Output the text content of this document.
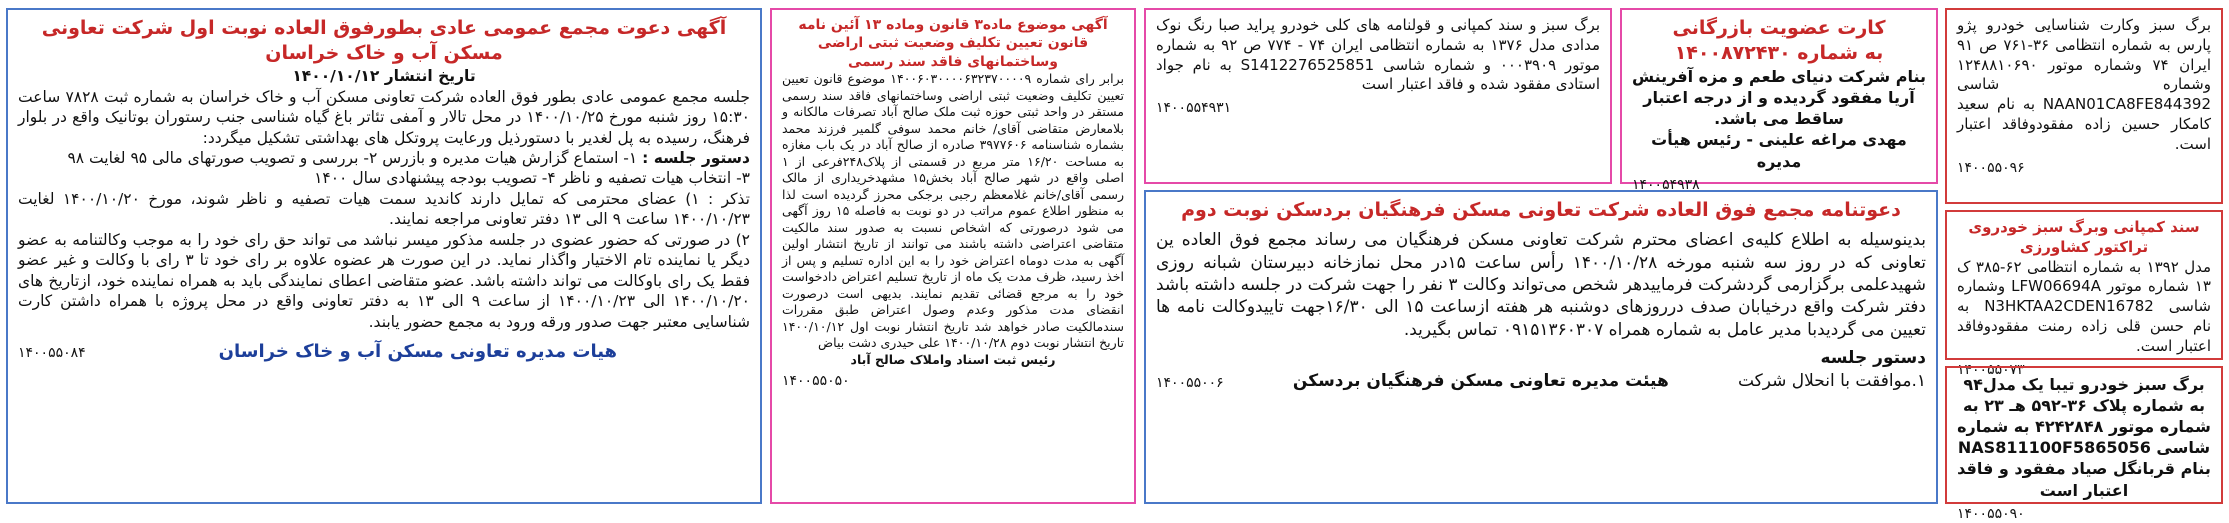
برگ سبز وکارت شناسایی خودرو پژو پارس به شماره انتظامی ۳۶-۷۶۱ ص ۹۱ ایران ۷۴ وشماره موتور ۱۲۴۸۸۱۰۶۹۰ وشماره شاسی NAAN01CA8FE844392 به نام سعید کامکار حسین زاده مفقودوفاقد اعتبار است.

۱۴۰۰۵۵۰۹۶

سند کمپانی وبرگ سبز خودروی تراکتور کشاورزی

مدل ۱۳۹۲ به شماره انتظامی ۶۲-۳۸۵ ک ۱۳ شماره موتور LFW06694A وشماره شاسی N3HKTAA2CDEN16782 به نام حسن قلی زاده رمنت مفقودوفاقد اعتبار است.

۱۴۰۰۵۵۰۷۳

برگ سبز خودرو تیبا یک مدل۹۴ به شماره پلاک ۳۶-۵۹۲ هـ ۲۳ به شماره موتور ۴۲۴۲۸۴۸ به شماره شاسی NAS811100F5865056 بنام قربانگل صیاد مفقود و فاقد اعتبار است

۱۴۰۰۵۵۰۹۰

کارت عضویت بازرگانی

به شماره ۱۴۰۰۸۷۲۴۳۰

بنام شرکت دنیای طعم و مزه آفرینش آریا مفقود گردیده و از درجه اعتبار ساقط می باشد.

مهدی مراغه علینی - رئیس هیأت مدیره

۱۴۰۰۵۴۹۳۸

برگ سبز و سند کمپانی و قولنامه های کلی خودرو پراید صبا رنگ نوک مدادی مدل ۱۳۷۶ به شماره انتظامی ایران ۷۴ - ۷۷۴ ص ۹۲ به شماره موتور ۰۰۰۳۹۰۹ و شماره شاسی S1412276525851 به نام جواد استادی مفقود شده و فاقد اعتبار است

۱۴۰۰۵۵۴۹۳۱

دعوتنامه مجمع فوق العاده شرکت تعاونی مسکن فرهنگیان بردسکن نوبت دوم

بدینوسیله به اطلاع کلیه‌ی اعضای محترم شرکت تعاونی مسکن فرهنگیان می رساند مجمع فوق العاده ین تعاونی که در روز سه شنبه مورخه ۱۴۰۰/۱۰/۲۸ رأس ساعت ۱۵در محل نمازخانه دبیرستان شبانه روزی شهیدعلمی برگزارمی گردشرکت فرماییدهر شخص می‌تواند وکالت ۳ نفر را جهت شرکت در جلسه داشته باشد دفتر شرکت واقع درخیابان صدف درروزهای دوشنبه هر هفته ازساعت ۱۵ الی ۱۶/۳۰جهت تاییدوکالت نامه ها تعیین می گردیدبا مدیر عامل به شماره همراه ۰۹۱۵۱۳۶۰۳۰۷ تماس بگیرید.

دستور جلسه

۱.موافقت با انحلال شرکت

هیئت مدیره تعاونی مسکن فرهنگیان بردسکن

۱۴۰۰۵۵۰۰۶

آگهی موضوع ماده۳ قانون وماده ۱۳ آئین نامه قانون تعیین تکلیف وضعیت ثبتی اراضی وساختمانهای فاقد سند رسمی

برابر رای شماره ۱۴۰۰۶۰۳۰۰۰۰۶۳۲۳۷۰۰۰۰۹ موضوع قانون تعیین تعیین تکلیف وضعیت ثبتی اراضی وساختمانهای فاقد سند رسمی مستقر در واحد ثبتی حوزه ثبت ملک صالح آباد تصرفات مالکانه و بلامعارض متقاضی آقای/ خانم محمد سوفی گلمیر فرزند محمد بشماره شناسنامه ۳۹۷۷۶۰۶ صادره از صالح آباد در یک باب مغازه به مساحت ۱۶/۲۰ متر مربع در قسمتی از پلاک۲۴۸فرعی از ۱ اصلی واقع در شهر صالح آباد بخش۱۵ مشهدخریداری از مالک رسمی آقای/خانم غلامعظم رجبی برجکی محرز گردیده است لذا به منظور اطلاع عموم مراتب در دو نوبت به فاصله ۱۵ روز آگهی می شود درصورتی که اشخاص نسبت به صدور سند مالکیت متقاضی اعتراضی داشته باشند می توانند از تاریخ انتشار اولین آگهی به مدت دوماه اعتراض خود را به این اداره تسلیم و پس از اخذ رسید، ظرف مدت یک ماه از تاریخ تسلیم اعتراض دادخواست خود را به مرجع قضائی تقدیم نمایند. بدیهی است درصورت انقضای مدت مذکور وعدم وصول اعتراض طبق مقررات سندمالکیت صادر خواهد شد تاریخ انتشار نوبت اول ۱۴۰۰/۱۰/۱۲ تاریخ انتشار نوبت دوم ۱۴۰۰/۱۰/۲۸ علی حیدری دشت بیاض

رئیس ثبت اسناد واملاک صالح آباد

۱۴۰۰۵۵۰۵۰

آگهی دعوت مجمع عمومی عادی بطورفوق العاده نوبت اول شرکت تعاونی مسکن آب و خاک خراسان

تاریخ انتشار ۱۴۰۰/۱۰/۱۲

جلسه مجمع عمومی عادی بطور فوق العاده شرکت تعاونی مسکن آب و خاک خراسان به شماره ثبت ۷۸۲۸ ساعت ۱۵:۳۰ روز شنبه مورخ ۱۴۰۰/۱۰/۲۵ در محل تالار و آمفی تئاتر باغ گیاه شناسی جنب رستوران بوتانیک واقع در بلوار فرهنگ، رسیده به پل لغدیر با دستورذیل ورعایت پروتکل های بهداشتی تشکیل میگردد:

دستور جلسه : ۱- استماع گزارش هیات مدیره و بازرس ۲- بررسی و تصویب صورتهای مالی ۹۵ لغایت ۹۸

۳- انتخاب هیات تصفیه و ناظر ۴- تصویب بودجه پیشنهادی سال ۱۴۰۰

تذکر : ۱) عضای محترمی که تمایل دارند کاندید سمت هیات تصفیه و ناظر شوند، مورخ ۱۴۰۰/۱۰/۲۰ لغایت ۱۴۰۰/۱۰/۲۳ ساعت ۹ الی ۱۳ دفتر تعاونی مراجعه نمایند.

۲) در صورتی که حضور عضوی در جلسه مذکور میسر نباشد می تواند حق رای خود را به موجب وکالتنامه به عضو دیگر یا نماینده تام الاختیار واگذار نماید. در این صورت هر عضوه علاوه بر رای خود تا ۳ رای با وکالت و غیر عضو فقط یک رای باوکالت می تواند داشته باشد. عضو متقاضی اعطای نمایندگی باید به همراه نماینده خود، ازتاریخ های ۱۴۰۰/۱۰/۲۰ الی ۱۴۰۰/۱۰/۲۳ از ساعت ۹ الی ۱۳ به دفتر تعاونی واقع در محل پروژه با همراه داشتن کارت شناسایی معتبر جهت صدور ورقه ورود به مجمع حضور یابند.

هیات مدیره تعاونی مسکن آب و خاک خراسان

۱۴۰۰۵۵۰۸۴
